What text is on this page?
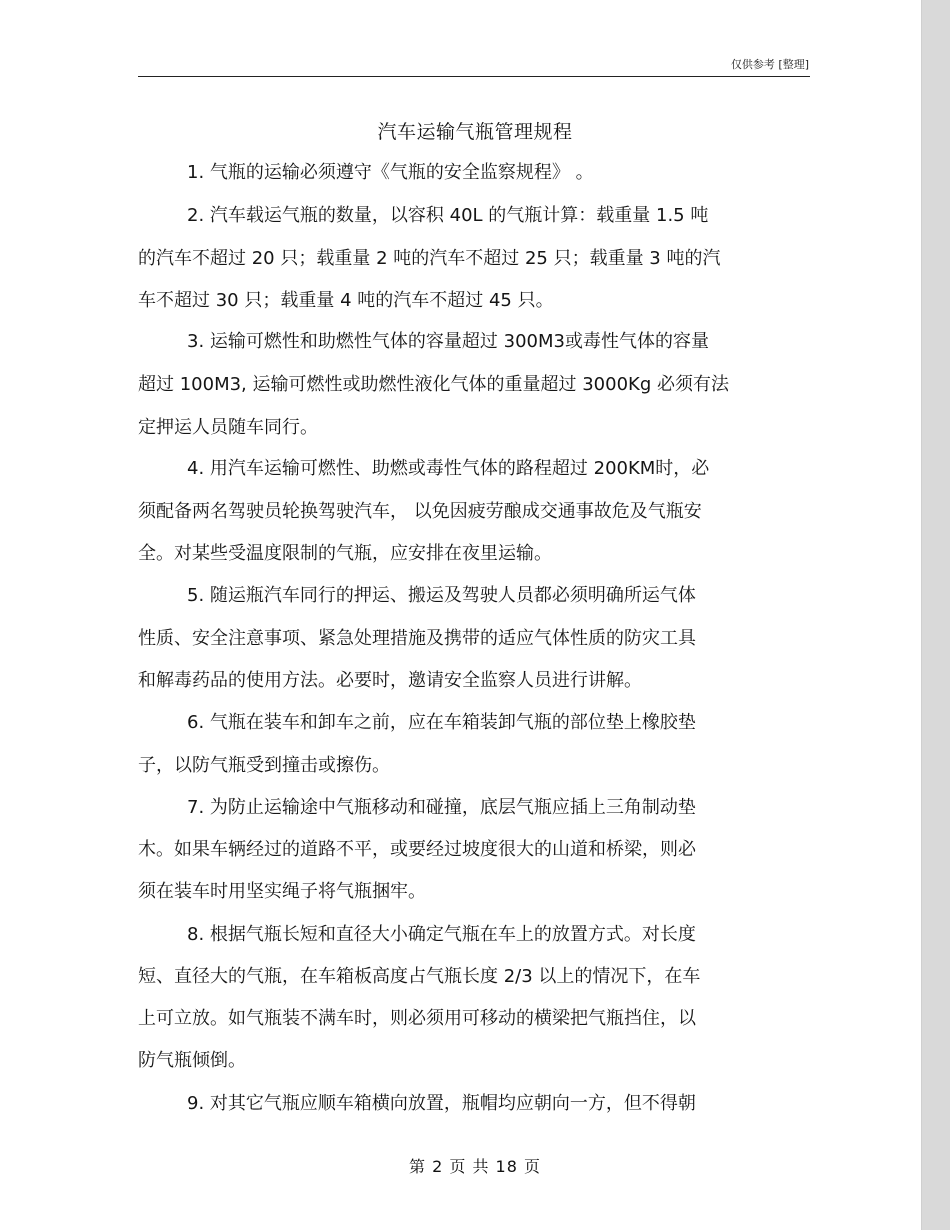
仅供参考 [整理]
汽车运输气瓶管理规程
1. 气瓶的运输必须遵守《气瓶的安全监察规程》 。
2. 汽车载运气瓶的数量，以容积 40L 的气瓶计算：载重量 1.5 吨
的汽车不超过 20 只；载重量 2 吨的汽车不超过 25 只；载重量 3 吨的汽
车不超过 30 只；载重量 4 吨的汽车不超过 45 只。
3. 运输可燃性和助燃性气体的容量超过 300M3或毒性气体的容量
超过 100M3, 运输可燃性或助燃性液化气体的重量超过 3000Kg 必须有法
定押运人员随车同行。
4. 用汽车运输可燃性、助燃或毒性气体的路程超过 200KM时，必
须配备两名驾驶员轮换驾驶汽车， 以免因疲劳酿成交通事故危及气瓶安
全。对某些受温度限制的气瓶，应安排在夜里运输。
5. 随运瓶汽车同行的押运、搬运及驾驶人员都必须明确所运气体
性质、安全注意事项、紧急处理措施及携带的适应气体性质的防灾工具
和解毒药品的使用方法。必要时，邀请安全监察人员进行讲解。
6. 气瓶在装车和卸车之前，应在车箱装卸气瓶的部位垫上橡胶垫
子，以防气瓶受到撞击或擦伤。
7. 为防止运输途中气瓶移动和碰撞，底层气瓶应插上三角制动垫
木。如果车辆经过的道路不平，或要经过坡度很大的山道和桥梁，则必
须在装车时用坚实绳子将气瓶捆牢。
8. 根据气瓶长短和直径大小确定气瓶在车上的放置方式。对长度
短、直径大的气瓶，在车箱板高度占气瓶长度 2/3 以上的情况下，在车
上可立放。如气瓶装不满车时，则必须用可移动的横梁把气瓶挡住，以
防气瓶倾倒。
9. 对其它气瓶应顺车箱横向放置，瓶帽均应朝向一方，但不得朝
第 2 页 共 18 页
